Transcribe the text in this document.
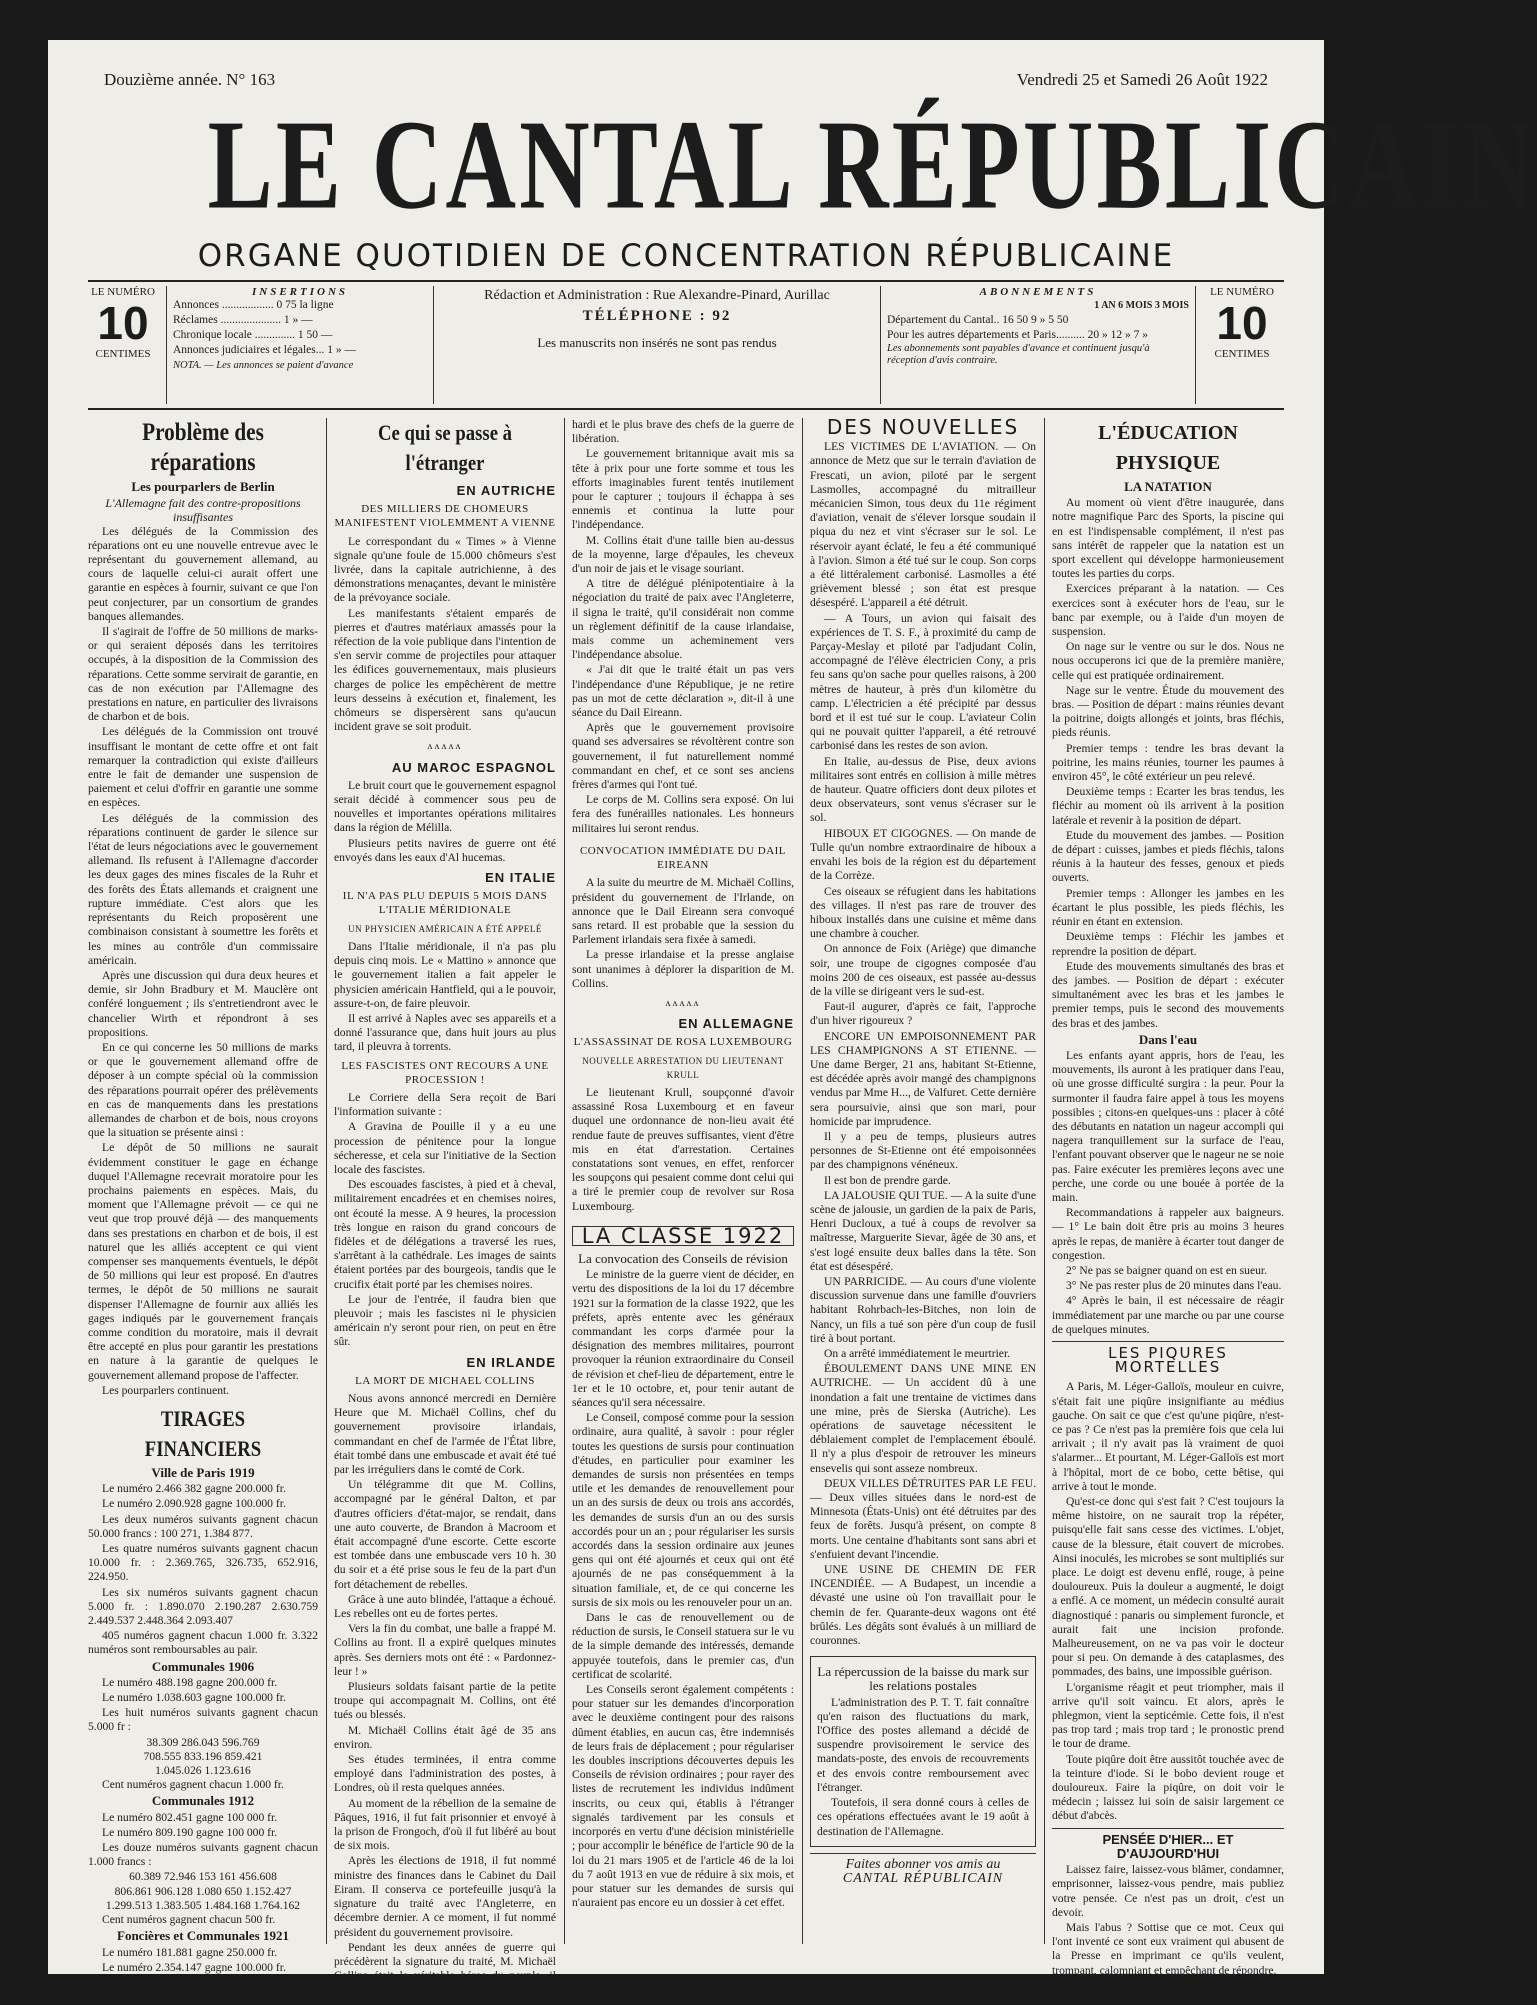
Douzième année. N° 163	Vendredi 25 et Samedi 26 Août 1922
LE CANTAL RÉPUBLICAIN
ORGANE QUOTIDIEN DE CONCENTRATION RÉPUBLICAINE
LE NUMÉRO
10
CENTIMES
INSERTIONS
Annonces .................. 0 75 la ligne
Réclames ..................... 1 » —
Chronique locale .............. 1 50 —
Annonces judiciaires et légales... 1 » —
NOTA. — Les annonces se paient d'avance
Rédaction et Administration : Rue Alexandre-Pinard, Aurillac
TÉLÉPHONE : 92
Les manuscrits non insérés ne sont pas rendus
ABONNEMENTS
1 AN 6 MOIS 3 MOIS
Département du Cantal.. 16 50 9 » 5 50
Pour les autres départements et Paris.......... 20 » 12 » 7 »
Les abonnements sont payables d'avance et continuent jusqu'à réception d'avis contraire.
LE NUMÉRO
10
CENTIMES
Problème des réparations
Les pourparlers de Berlin
L'Allemagne fait des contre-propositions insuffisantes

Les délégués de la Commission des réparations ont eu une nouvelle entrevue avec le représentant du gouvernement allemand, au cours de laquelle celui-ci aurait offert une garantie en espèces à fournir, suivant ce que l'on peut conjecturer, par un consortium de grandes banques allemandes.

Il s'agirait de l'offre de 50 millions de marks-or qui seraient déposés dans les territoires occupés, à la disposition de la Commission des réparations. Cette somme servirait de garantie, en cas de non exécution par l'Allemagne des prestations en nature, en particulier des livraisons de charbon et de bois.

Les délégués de la Commission ont trouvé insuffisant le montant de cette offre et ont fait remarquer la contradiction qui existe d'ailleurs entre le fait de demander une suspension de paiement et celui d'offrir en garantie une somme en espèces.

Les délégués de la commission des réparations continuent de garder le silence sur l'état de leurs négociations avec le gouvernement allemand. Ils refusent à l'Allemagne d'accorder les deux gages des mines fiscales de la Ruhr et des forêts des États allemands et craignent une rupture immédiate. C'est alors que les représentants du Reich proposèrent une combinaison consistant à soumettre les forêts et les mines au contrôle d'un commissaire américain.

Après une discussion qui dura deux heures et demie, sir John Bradbury et M. Mauclère ont conféré longuement ; ils s'entretiendront avec le chancelier Wirth et répondront à ses propositions.

En ce qui concerne les 50 millions de marks or que le gouvernement allemand offre de déposer à un compte spécial où la commission des réparations pourrait opérer des prélèvements en cas de manquements dans les prestations allemandes de charbon et de bois, nous croyons que la situation se présente ainsi :

Le dépôt de 50 millions ne saurait évidemment constituer le gage en échange duquel l'Allemagne recevrait moratoire pour les prochains paiements en espèces. Mais, du moment que l'Allemagne prévoit — ce qui ne veut que trop prouvé déjà — des manquements dans ses prestations en charbon et de bois, il est naturel que les alliés acceptent ce qui vient compenser ses manquements éventuels, le dépôt de 50 millions qui leur est proposé. En d'autres termes, le dépôt de 50 millions ne saurait dispenser l'Allemagne de fournir aux alliés les gages indiqués par le gouvernement français comme condition du moratoire, mais il devrait être accepté en plus pour garantir les prestations en nature à la garantie de quelques le gouvernement allemand propose de l'affecter.

Les pourparlers continuent.

TIRAGES FINANCIERS
Ville de Paris 1919

Le numéro 2.466 382 gagne 200.000 fr.

Le numéro 2.090.928 gagne 100.000 fr.

Les deux numéros suivants gagnent chacun 50.000 francs : 100 271, 1.384 877.

Les quatre numéros suivants gagnent chacun 10.000 fr. : 2.369.765, 326.735, 652.916, 224.950.

Les six numéros suivants gagnent chacun 5.000 fr. : 1.890.070 2.190.287 2.630.759 2.449.537 2.448.364 2.093.407

405 numéros gagnent chacun 1.000 fr. 3.322 numéros sont remboursables au pair.

Communales 1906

Le numéro 488.198 gagne 200.000 fr.

Le numéro 1.038.603 gagne 100.000 fr.

Les huit numéros suivants gagnent chacun 5.000 fr :

38.309 286.043 596.769
708.555 833.196 859.421
1.045.026 1.123.616

Cent numéros gagnent chacun 1.000 fr.

Communales 1912

Le numéro 802.451 gagne 100 000 fr.

Le numéro 809.190 gagne 100 000 fr.

Les douze numéros suivants gagnent chacun 1.000 francs :

60.389 72.946 153 161 456.608
806.861 906.128 1.080 650 1.152.427
1.299.513 1.383.505 1.484.168 1.764.162

Cent numéros gagnent chacun 500 fr.

Foncières et Communales 1921

Le numéro 181.881 gagne 250.000 fr.

Le numéro 2.354.147 gagne 100.000 fr.

Le numéro 1.972.705 gagne 50.000 fr.

Cinq numéros gagnent chacun 1.000 francs.

Ce qui se passe à l'étranger
EN AUTRICHE
DES MILLIERS DE CHOMEURS MANIFESTENT VIOLEMMENT A VIENNE

Le correspondant du « Times » à Vienne signale qu'une foule de 15.000 chômeurs s'est livrée, dans la capitale autrichienne, à des démonstrations menaçantes, devant le ministère de la prévoyance sociale.

Les manifestants s'étaient emparés de pierres et d'autres matériaux amassés pour la réfection de la voie publique dans l'intention de s'en servir comme de projectiles pour attaquer les édifices gouvernementaux, mais plusieurs charges de police les empêchèrent de mettre leurs desseins à exécution et, finalement, les chômeurs se dispersèrent sans qu'aucun incident grave se soit produit.

ʌʌʌʌʌ
AU MAROC ESPAGNOL

Le bruit court que le gouvernement espagnol serait décidé à commencer sous peu de nouvelles et importantes opérations militaires dans la région de Mélilla.

Plusieurs petits navires de guerre ont été envoyés dans les eaux d'Al hucemas.

EN ITALIE
IL N'A PAS PLU DEPUIS 5 MOIS DANS L'ITALIE MÉRIDIONALE
UN PHYSICIEN AMÉRICAIN A ÉTÉ APPELÉ

Dans l'Italie méridionale, il n'a pas plu depuis cinq mois. Le « Mattino » annonce que le gouvernement italien a fait appeler le physicien américain Hantfield, qui a le pouvoir, assure-t-on, de faire pleuvoir.

Il est arrivé à Naples avec ses appareils et a donné l'assurance que, dans huit jours au plus tard, il pleuvra à torrents.

LES FASCISTES ONT RECOURS A UNE PROCESSION !

Le Corriere della Sera reçoit de Bari l'information suivante :

A Gravina de Pouille il y a eu une procession de pénitence pour la longue sécheresse, et cela sur l'initiative de la Section locale des fascistes.

Des escouades fascistes, à pied et à cheval, militairement encadrées et en chemises noires, ont écouté la messe. A 9 heures, la procession très longue en raison du grand concours de fidèles et de délégations a traversé les rues, s'arrêtant à la cathédrale. Les images de saints étaient portées par des bourgeois, tandis que le crucifix était porté par les chemises noires.

Le jour de l'entrée, il faudra bien que pleuvoir ; mais les fascistes ni le physicien américain n'y seront pour rien, on peut en être sûr.

EN IRLANDE
LA MORT DE MICHAEL COLLINS

Nous avons annoncé mercredi en Dernière Heure que M. Michaël Collins, chef du gouvernement provisoire irlandais, commandant en chef de l'armée de l'État libre, était tombé dans une embuscade et avait été tué par les irréguliers dans le comté de Cork.

Un télégramme dit que M. Collins, accompagné par le général Dalton, et par d'autres officiers d'état-major, se rendait, dans une auto couverte, de Brandon à Macroom et était accompagné d'une escorte. Cette escorte est tombée dans une embuscade vers 10 h. 30 du soir et a été prise sous le feu de la part d'un fort détachement de rebelles.

Grâce à une auto blindée, l'attaque a échoué. Les rebelles ont eu de fortes pertes.

Vers la fin du combat, une balle a frappé M. Collins au front. Il a expiré quelques minutes après. Ses derniers mots ont été : « Pardonnez-leur ! »

Plusieurs soldats faisant partie de la petite troupe qui accompagnait M. Collins, ont été tués ou blessés.

M. Michaël Collins était âgé de 35 ans environ.

Ses études terminées, il entra comme employé dans l'administration des postes, à Londres, où il resta quelques années.

Au moment de la rébellion de la semaine de Pâques, 1916, il fut fait prisonnier et envoyé à la prison de Frongoch, d'où il fut libéré au bout de six mois.

Après les élections de 1918, il fut nommé ministre des finances dans le Cabinet du Dail Eiram. Il conserva ce portefeuille jusqu'à la signature du traité avec l'Angleterre, en décembre dernier. A ce moment, il fut nommé président du gouvernement provisoire.

Pendant les deux années de guerre qui précédèrent la signature du traité, M. Michaël Collins était le véritable héros du peuple, il était considéré comme le plus

hardi et le plus brave des chefs de la guerre de libération.

Le gouvernement britannique avait mis sa tête à prix pour une forte somme et tous les efforts imaginables furent tentés inutilement pour le capturer ; toujours il échappa à ses ennemis et continua la lutte pour l'indépendance.

M. Collins était d'une taille bien au-dessus de la moyenne, large d'épaules, les cheveux d'un noir de jais et le visage souriant.

A titre de délégué plénipotentiaire à la négociation du traité de paix avec l'Angleterre, il signa le traité, qu'il considérait non comme un règlement définitif de la cause irlandaise, mais comme un acheminement vers l'indépendance absolue.

« J'ai dit que le traité était un pas vers l'indépendance d'une République, je ne retire pas un mot de cette déclaration », dit-il à une séance du Dail Eireann.

Après que le gouvernement provisoire quand ses adversaires se révoltèrent contre son gouvernement, il fut naturellement nommé commandant en chef, et ce sont ses anciens frères d'armes qui l'ont tué.

Le corps de M. Collins sera exposé. On lui fera des funérailles nationales. Les honneurs militaires lui seront rendus.

CONVOCATION IMMÉDIATE DU DAIL EIREANN

A la suite du meurtre de M. Michaël Collins, président du gouvernement de l'Irlande, on annonce que le Dail Eireann sera convoqué sans retard. Il est probable que la session du Parlement irlandais sera fixée à samedi.

La presse irlandaise et la presse anglaise sont unanimes à déplorer la disparition de M. Collins.

ʌʌʌʌʌ
EN ALLEMAGNE
L'ASSASSINAT DE ROSA LUXEMBOURG
NOUVELLE ARRESTATION DU LIEUTENANT KRULL

Le lieutenant Krull, soupçonné d'avoir assassiné Rosa Luxembourg et en faveur duquel une ordonnance de non-lieu avait été rendue faute de preuves suffisantes, vient d'être mis en état d'arrestation. Certaines constatations sont venues, en effet, renforcer les soupçons qui pesaient comme dont celui qui a tiré le premier coup de revolver sur Rosa Luxembourg.

LA CLASSE 1922
La convocation des Conseils de révision

Le ministre de la guerre vient de décider, en vertu des dispositions de la loi du 17 décembre 1921 sur la formation de la classe 1922, que les préfets, après entente avec les généraux commandant les corps d'armée pour la désignation des membres militaires, pourront provoquer la réunion extraordinaire du Conseil de révision et chef-lieu de département, entre le 1er et le 10 octobre, et, pour tenir autant de séances qu'il sera nécessaire.

Le Conseil, composé comme pour la session ordinaire, aura qualité, à savoir : pour régler toutes les questions de sursis pour continuation d'études, en particulier pour examiner les demandes de sursis non présentées en temps utile et les demandes de renouvellement pour un an des sursis de deux ou trois ans accordés, les demandes de sursis d'un an ou des sursis accordés pour un an ; pour régulariser les sursis accordés dans la session ordinaire aux jeunes gens qui ont été ajournés et ceux qui ont été ajournés de ne pas conséquemment à la situation familiale, et, de ce qui concerne les sursis de six mois ou les renouveler pour un an.

Dans le cas de renouvellement ou de réduction de sursis, le Conseil statuera sur le vu de la simple demande des intéressés, demande appuyée toutefois, dans le premier cas, d'un certificat de scolarité.

Les Conseils seront également compétents : pour statuer sur les demandes d'incorporation avec le deuxième contingent pour des raisons dûment établies, en aucun cas, être indemnisés de leurs frais de déplacement ; pour régulariser les doubles inscriptions découvertes depuis les Conseils de révision ordinaires ; pour rayer des listes de recrutement les individus indûment inscrits, ou ceux qui, établis à l'étranger signalés tardivement par les consuls et incorporés en vertu d'une décision ministérielle ; pour accomplir le bénéfice de l'article 90 de la loi du 21 mars 1905 et de l'article 46 de la loi du 7 août 1913 en vue de réduire à six mois, et pour statuer sur les demandes de sursis qui n'auraient pas encore eu un dossier à cet effet.

DES NOUVELLES

LES VICTIMES DE L'AVIATION. — On annonce de Metz que sur le terrain d'aviation de Frescati, un avion, piloté par le sergent Lasmolles, accompagné du mitrailleur mécanicien Simon, tous deux du 11e régiment d'aviation, venait de s'élever lorsque soudain il piqua du nez et vint s'écraser sur le sol. Le réservoir ayant éclaté, le feu a été communiqué à l'avion. Simon a été tué sur le coup. Son corps a été littéralement carbonisé. Lasmolles a été grièvement blessé ; son état est presque désespéré. L'appareil a été détruit.

— A Tours, un avion qui faisait des expériences de T. S. F., à proximité du camp de Parçay-Meslay et piloté par l'adjudant Colin, accompagné de l'élève électricien Cony, a pris feu sans qu'on sache pour quelles raisons, à 200 mètres de hauteur, à près d'un kilomètre du camp. L'électricien a été précipité par dessus bord et il est tué sur le coup. L'aviateur Colin qui ne pouvait quitter l'appareil, a été retrouvé carbonisé dans les restes de son avion.

En Italie, au-dessus de Pise, deux avions militaires sont entrés en collision à mille mètres de hauteur. Quatre officiers dont deux pilotes et deux observateurs, sont venus s'écraser sur le sol.

HIBOUX ET CIGOGNES. — On mande de Tulle qu'un nombre extraordinaire de hiboux a envahi les bois de la région est du département de la Corrèze.

Ces oiseaux se réfugient dans les habitations des villages. Il n'est pas rare de trouver des hiboux installés dans une cuisine et même dans une chambre à coucher.

On annonce de Foix (Ariège) que dimanche soir, une troupe de cigognes composée d'au moins 200 de ces oiseaux, est passée au-dessus de la ville se dirigeant vers le sud-est.

Faut-il augurer, d'après ce fait, l'approche d'un hiver rigoureux ?

ENCORE UN EMPOISONNEMENT PAR LES CHAMPIGNONS A ST ETIENNE. — Une dame Berger, 21 ans, habitant St-Etienne, est décédée après avoir mangé des champignons vendus par Mme H..., de Valfuret. Cette dernière sera poursuivie, ainsi que son mari, pour homicide par imprudence.

Il y a peu de temps, plusieurs autres personnes de St-Etienne ont été empoisonnées par des champignons vénéneux.

Il est bon de prendre garde.

LA JALOUSIE QUI TUE. — A la suite d'une scène de jalousie, un gardien de la paix de Paris, Henri Ducloux, a tué à coups de revolver sa maîtresse, Marguerite Sievar, âgée de 30 ans, et s'est logé ensuite deux balles dans la tête. Son état est désespéré.

UN PARRICIDE. — Au cours d'une violente discussion survenue dans une famille d'ouvriers habitant Rohrbach-les-Bitches, non loin de Nancy, un fils a tué son père d'un coup de fusil tiré à bout portant.

On a arrêté immédiatement le meurtrier.

ÉBOULEMENT DANS UNE MINE EN AUTRICHE. — Un accident dû à une inondation a fait une trentaine de victimes dans une mine, près de Sierska (Autriche). Les opérations de sauvetage nécessitent le déblaiement complet de l'emplacement éboulé. Il n'y a plus d'espoir de retrouver les mineurs ensevelis qui sont asseze nombreux.

DEUX VILLES DÉTRUITES PAR LE FEU. — Deux villes situées dans le nord-est de Minnesota (États-Unis) ont été détruites par des feux de forêts. Jusqu'à présent, on compte 8 morts. Une centaine d'habitants sont sans abri et s'enfuient devant l'incendie.

UNE USINE DE CHEMIN DE FER INCENDIÉE. — A Budapest, un incendie a dévasté une usine où l'on travaillait pour le chemin de fer. Quarante-deux wagons ont été brûlés. Les dégâts sont évalués à un milliard de couronnes.

La répercussion de la baisse du mark sur les relations postales

L'administration des P. T. T. fait connaître qu'en raison des fluctuations du mark, l'Office des postes allemand a décidé de suspendre provisoirement le service des mandats-poste, des envois de recouvrements et des envois contre remboursement avec l'étranger.

Toutefois, il sera donné cours à celles de ces opérations effectuées avant le 19 août à destination de l'Allemagne.

Faites abonner vos amis au
CANTAL RÉPUBLICAIN
L'ÉDUCATION PHYSIQUE
LA NATATION

Au moment où vient d'être inaugurée, dans notre magnifique Parc des Sports, la piscine qui en est l'indispensable complément, il n'est pas sans intérêt de rappeler que la natation est un sport excellent qui développe harmonieusement toutes les parties du corps.

Exercices préparant à la natation. — Ces exercices sont à exécuter hors de l'eau, sur le banc par exemple, ou à l'aide d'un moyen de suspension.

On nage sur le ventre ou sur le dos. Nous ne nous occuperons ici que de la première manière, celle qui est pratiquée ordinairement.

Nage sur le ventre. Étude du mouvement des bras. — Position de départ : mains réunies devant la poitrine, doigts allongés et joints, bras fléchis, pieds réunis.

Premier temps : tendre les bras devant la poitrine, les mains réunies, tourner les paumes à environ 45°, le côté extérieur un peu relevé.

Deuxième temps : Ecarter les bras tendus, les fléchir au moment où ils arrivent à la position latérale et revenir à la position de départ.

Etude du mouvement des jambes. — Position de départ : cuisses, jambes et pieds fléchis, talons réunis à la hauteur des fesses, genoux et pieds ouverts.

Premier temps : Allonger les jambes en les écartant le plus possible, les pieds fléchis, les réunir en étant en extension.

Deuxième temps : Fléchir les jambes et reprendre la position de départ.

Etude des mouvements simultanés des bras et des jambes. — Position de départ : exécuter simultanément avec les bras et les jambes le premier temps, puis le second des mouvements des bras et des jambes.

Dans l'eau

Les enfants ayant appris, hors de l'eau, les mouvements, ils auront à les pratiquer dans l'eau, où une grosse difficulté surgira : la peur. Pour la surmonter il faudra faire appel à tous les moyens possibles ; citons-en quelques-uns : placer à côté des débutants en natation un nageur accompli qui nagera tranquillement sur la surface de l'eau, l'enfant pouvant observer que le nageur ne se noie pas. Faire exécuter les premières leçons avec une perche, une corde ou une bouée à portée de la main.

Recommandations à rappeler aux baigneurs. — 1° Le bain doit être pris au moins 3 heures après le repas, de manière à écarter tout danger de congestion.

2° Ne pas se baigner quand on est en sueur.

3° Ne pas rester plus de 20 minutes dans l'eau.

4° Après le bain, il est nécessaire de réagir immédiatement par une marche ou par une course de quelques minutes.

LES PIQURES MORTELLES

A Paris, M. Léger-Galloïs, mouleur en cuivre, s'était fait une piqûre insignifiante au médius gauche. On sait ce que c'est qu'une piqûre, n'est-ce pas ? Ce n'est pas la première fois que cela lui arrivait ; il n'y avait pas là vraiment de quoi s'alarmer... Et pourtant, M. Léger-Galloïs est mort à l'hôpital, mort de ce bobo, cette bêtise, qui arrive à tout le monde.

Qu'est-ce donc qui s'est fait ? C'est toujours la même histoire, on ne saurait trop la répéter, puisqu'elle fait sans cesse des victimes. L'objet, cause de la blessure, était couvert de microbes. Ainsi inoculés, les microbes se sont multipliés sur place. Le doigt est devenu enflé, rouge, à peine douloureux. Puis la douleur a augmenté, le doigt a enflé. A ce moment, un médecin consulté aurait diagnostiqué : panaris ou simplement furoncle, et aurait fait une incision profonde. Malheureusement, on ne va pas voir le docteur pour si peu. On demande à des cataplasmes, des pommades, des bains, une impossible guérison.

L'organisme réagit et peut triompher, mais il arrive qu'il soit vaincu. Et alors, après le phlegmon, vient la septicémie. Cette fois, il n'est pas trop tard ; mais trop tard ; le pronostic prend le tour de drame.

Toute piqûre doit être aussitôt touchée avec de la teinture d'iode. Si le bobo devient rouge et douloureux. Faire la piqûre, on doit voir le médecin ; laissez lui soin de saisir largement ce début d'abcès.

PENSÉE D'HIER... ET D'AUJOURD'HUI

Laissez faire, laissez-vous blâmer, condamner, emprisonner, laissez-vous pendre, mais publiez votre pensée. Ce n'est pas un droit, c'est un devoir.

Mais l'abus ? Sottise que ce mot. Ceux qui l'ont inventé ce sont eux vraiment qui abusent de la Presse en imprimant ce qu'ils veulent, trompant, calomniant et empêchant de répondre.

PAUL-LOUIS COURIER.
